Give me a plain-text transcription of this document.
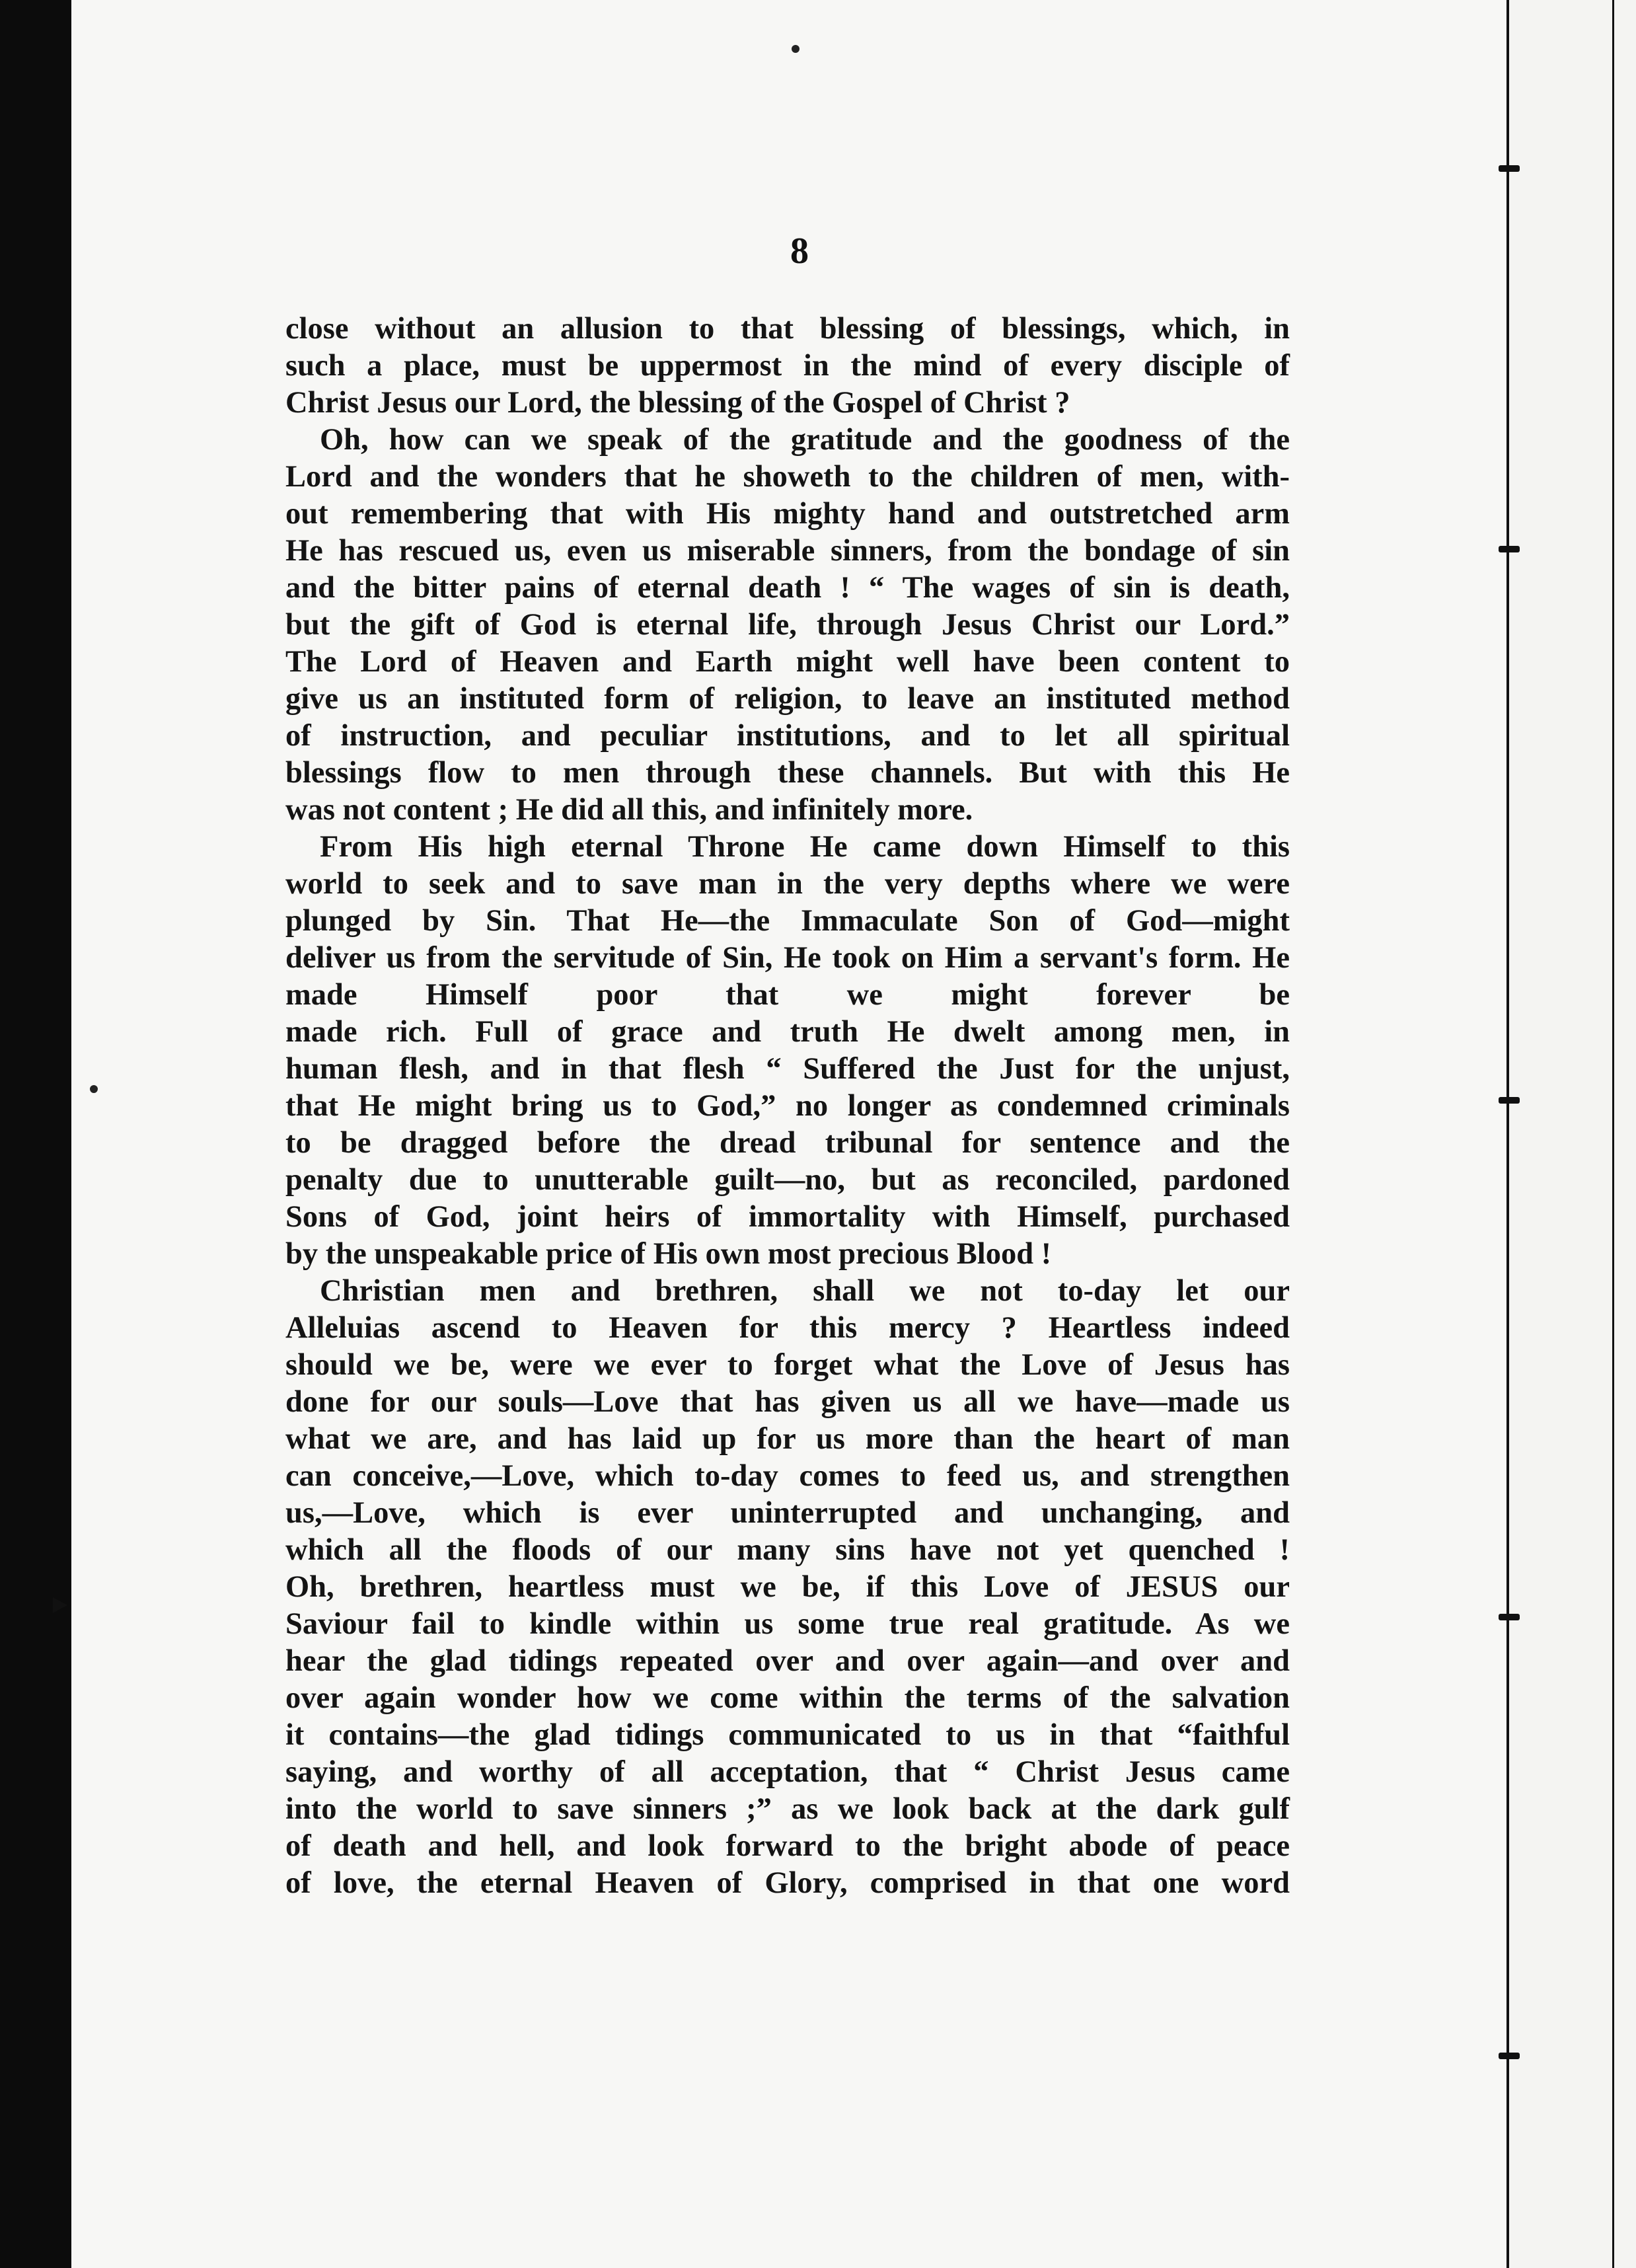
8
close without an allusion to that blessing of blessings, which, in
such a place, must be uppermost in the mind of every disciple of
Christ Jesus our Lord, the blessing of the Gospel of Christ ?
Oh, how can we speak of the gratitude and the goodness of the
Lord and the wonders that he showeth to the children of men, with-
out remembering that with His mighty hand and outstretched arm
He has rescued us, even us miserable sinners, from the bondage of sin
and the bitter pains of eternal death ! “ The wages of sin is death,
but the gift of God is eternal life, through Jesus Christ our Lord.”
The Lord of Heaven and Earth might well have been content to
give us an instituted form of religion, to leave an instituted method
of instruction, and peculiar institutions, and to let all spiritual
blessings flow to men through these channels. But with this He
was not content ; He did all this, and infinitely more.
From His high eternal Throne He came down Himself to this
world to seek and to save man in the very depths where we were
plunged by Sin. That He—the Immaculate Son of God—might
deliver us from the servitude of Sin, He took on Him a servant's form. He made Himself poor that we might forever be
made rich. Full of grace and truth He dwelt among men, in
human flesh, and in that flesh “ Suffered the Just for the unjust,
that He might bring us to God,” no longer as condemned criminals
to be dragged before the dread tribunal for sentence and the
penalty due to unutterable guilt—no, but as reconciled, pardoned
Sons of God, joint heirs of immortality with Himself, purchased
by the unspeakable price of His own most precious Blood !
Christian men and brethren, shall we not to-day let our
Alleluias ascend to Heaven for this mercy ? Heartless indeed
should we be, were we ever to forget what the Love of Jesus has
done for our souls—Love that has given us all we have—made us
what we are, and has laid up for us more than the heart of man
can conceive,—Love, which to-day comes to feed us, and strengthen
us,—Love, which is ever uninterrupted and unchanging, and
which all the floods of our many sins have not yet quenched !
Oh, brethren, heartless must we be, if this Love of JESUS our
Saviour fail to kindle within us some true real gratitude. As we
hear the glad tidings repeated over and over again—and over and
over again wonder how we come within the terms of the salvation
it contains—the glad tidings communicated to us in that “faithful
saying, and worthy of all acceptation, that “ Christ Jesus came
into the world to save sinners ;” as we look back at the dark gulf
of death and hell, and look forward to the bright abode of peace
of love, the eternal Heaven of Glory, comprised in that one word
